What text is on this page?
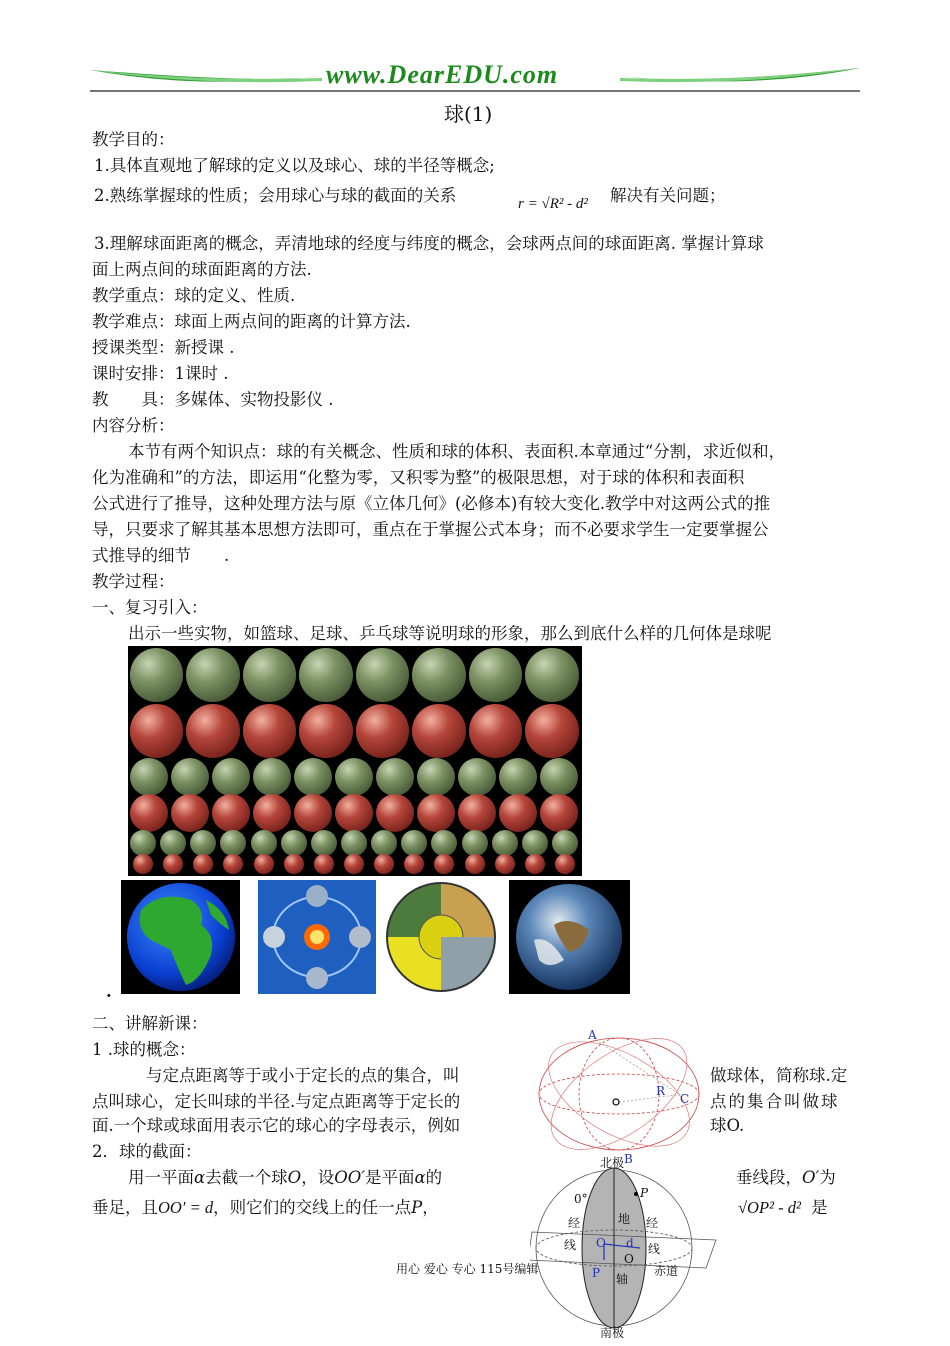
www.DearEDU.com
球(1)
教学目的：
1.具体直观地了解球的定义以及球心、球的半径等概念;
2.熟练掌握球的性质；会用球心与球的截面的关系	r = √R² - d² 解决有关问题；
3.理解球面距离的概念，弄清地球的经度与纬度的概念，会球两点间的球面距离. 掌握计算球
面上两点间的球面距离的方法.
教学重点：球的定义、性质.
教学难点：球面上两点间的距离的计算方法.
授课类型：新授课 .
课时安排：1课时 .
教　　具：多媒体、实物投影仪 .
内容分析：
本节有两个知识点：球的有关概念、性质和球的体积、表面积.本章通过“分割，求近似和，
化为准确和”的方法，即运用“化整为零，又积零为整”的极限思想，对于球的体积和表面积
公式进行了推导，这种处理方法与原《立体几何》(必修本)有较大变化.教学中对这两公式的推
导，只要求了解其基本思想方法即可，重点在于掌握公式本身；而不必要求学生一定要掌握公
式推导的细节　　.
教学过程：
一、复习引入：
出示一些实物，如篮球、足球、乒乓球等说明球的形象，那么到底什么样的几何体是球呢
.
二、讲解新课：
1 .球的概念：
与定点距离等于或小于定长的点的集合，叫	做球体，简称球.定
点叫球心，定长叫球的半径.与定点距离等于定长的	点的集合叫做球
面.一个球或球面用表示它的球心的字母表示，例如	球O.
2．球的截面：
用一平面α去截一个球O，设OO′是平面α的	垂线段，O′为
垂足，且OO′ = d，则它们的交线上的任一点P，	√OP² - d² 是
A
R
C
北极
南极
B
P
0°
经
线
地 经
线
O d
P
O
轴
赤道
用心 爱心 专心 115号编辑
